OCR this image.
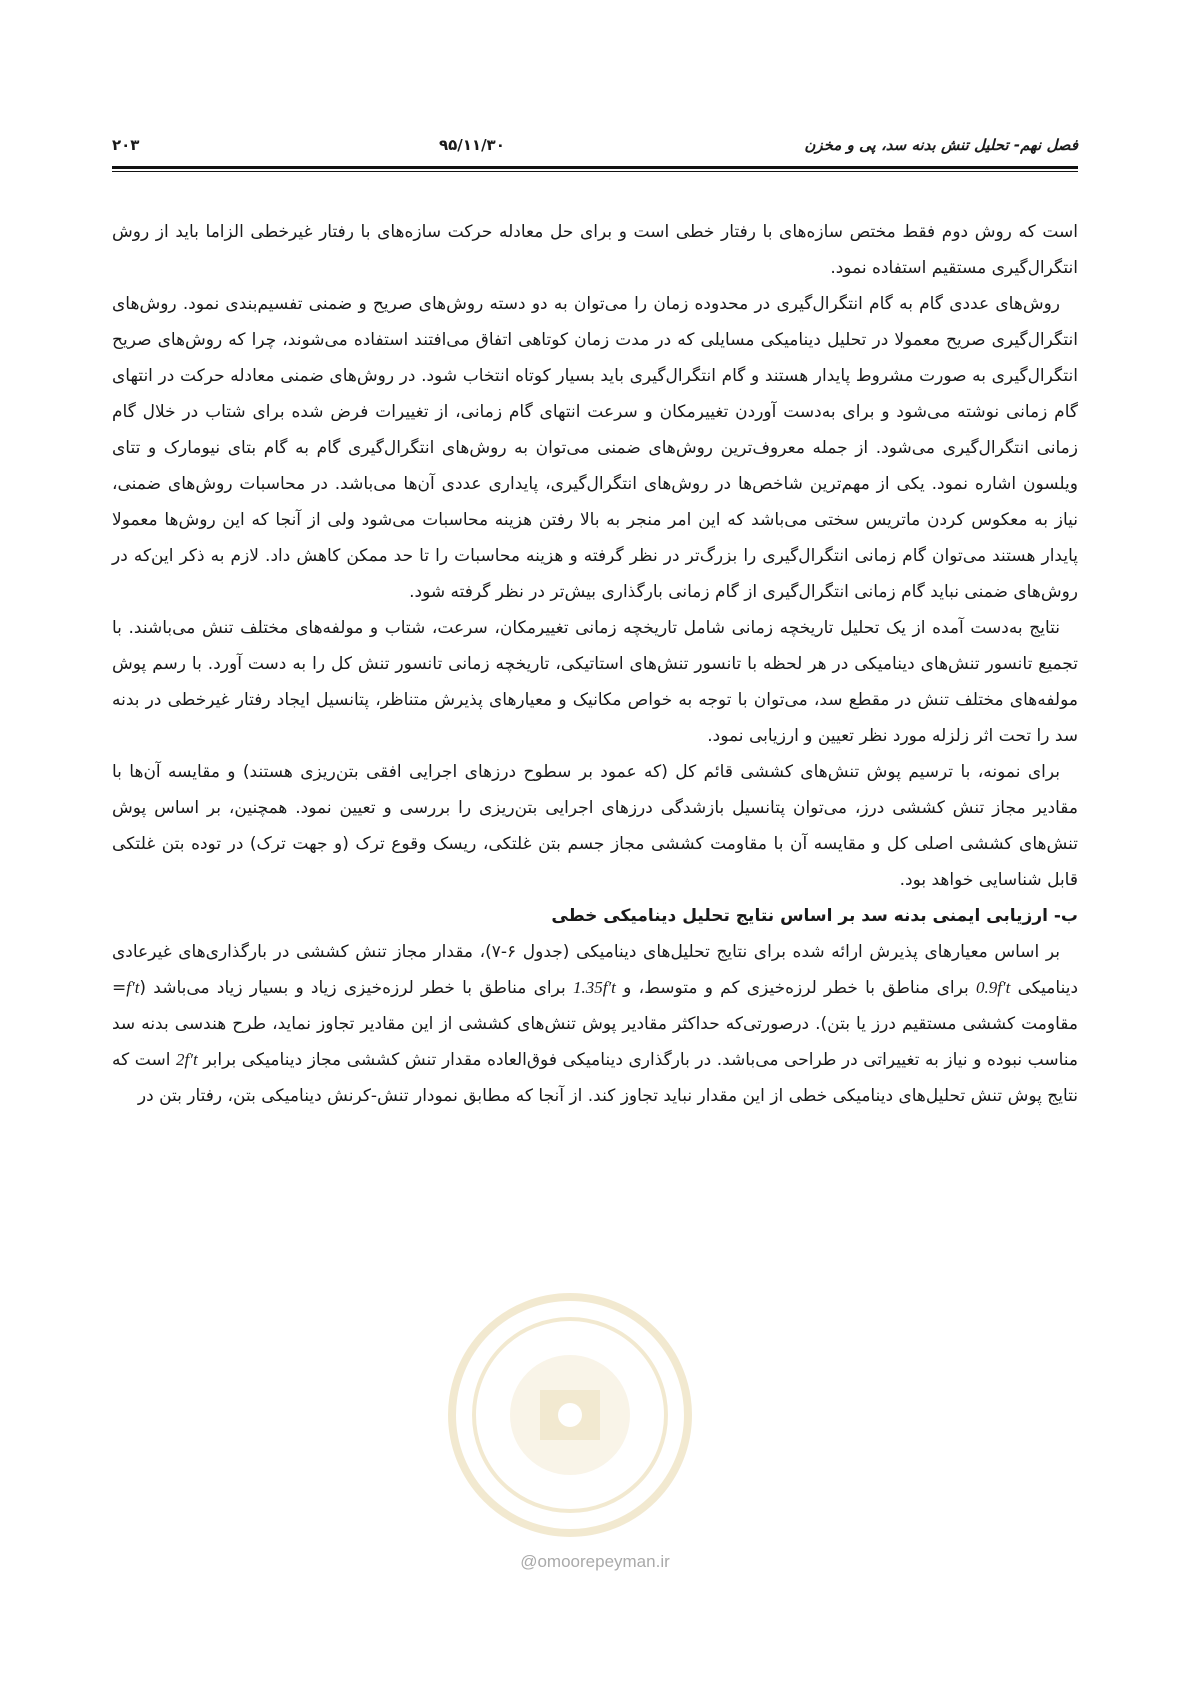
فصل نهم- تحلیل تنش بدنه سد، پی و مخزن
۹۵/۱۱/۳۰
۲۰۳

است که روش دوم فقط مختص سازه‌های با رفتار خطی است و برای حل معادله حرکت سازه‌های با رفتار غیرخطی الزاما باید از روش انتگرال‌گیری مستقیم استفاده نمود.

روش‌های عددی گام به گام انتگرال‌گیری در محدوده زمان را می‌توان به دو دسته روش‌های صریح و ضمنی تفسیم‌بندی نمود. روش‌های انتگرال‌گیری صریح معمولا در تحلیل دینامیکی مسایلی که در مدت زمان کوتاهی اتفاق می‌افتند استفاده می‌شوند، چرا که روش‌های صریح انتگرال‌گیری به صورت مشروط پایدار هستند و گام انتگرال‌گیری باید بسیار کوتاه انتخاب شود. در روش‌های ضمنی معادله حرکت در انتهای گام زمانی نوشته می‌شود و برای به‌دست آوردن تغییرمکان و سرعت انتهای گام زمانی، از تغییرات فرض شده برای شتاب در خلال گام زمانی انتگرال‌گیری می‌شود. از جمله معروف‌ترین روش‌های ضمنی می‌توان به روش‌های انتگرال‌گیری گام به گام بتای نیومارک و تتای ویلسون اشاره نمود. یکی از مهم‌ترین شاخص‌ها در روش‌های انتگرال‌گیری، پایداری عددی آن‌ها می‌باشد. در محاسبات روش‌های ضمنی، نیاز به معکوس کردن ماتریس سختی می‌باشد که این امر منجر به بالا رفتن هزینه محاسبات می‌شود ولی از آنجا که این روش‌ها معمولا پایدار هستند می‌توان گام زمانی انتگرال‌گیری را بزرگ‌تر در نظر گرفته و هزینه محاسبات را تا حد ممکن کاهش داد. لازم به ذکر این‌که در روش‌های ضمنی نباید گام زمانی انتگرال‌گیری از گام زمانی بارگذاری بیش‌تر در نظر گرفته شود.

نتایج به‌دست آمده از یک تحلیل تاریخچه زمانی شامل تاریخچه زمانی تغییرمکان، سرعت، شتاب و مولفه‌های مختلف تنش می‌باشند. با تجمیع تانسور تنش‌های دینامیکی در هر لحظه با تانسور تنش‌های استاتیکی، تاریخچه زمانی تانسور تنش کل را به دست آورد. با رسم پوش مولفه‌های مختلف تنش در مقطع سد، می‌توان با توجه به خواص مکانیک و معیارهای پذیرش متناظر، پتانسیل ایجاد رفتار غیرخطی در بدنه سد را تحت اثر زلزله مورد نظر تعیین و ارزیابی نمود.

برای نمونه، با ترسیم پوش تنش‌های کششی قائم کل (که عمود بر سطوح درزهای اجرایی افقی بتن‌ریزی هستند) و مقایسه آن‌ها با مقادیر مجاز تنش کششی درز، می‌توان پتانسیل بازشدگی درزهای اجرایی بتن‌ریزی را بررسی و تعیین نمود. همچنین، بر اساس پوش تنش‌های کششی اصلی کل و مقایسه آن با مقاومت کششی مجاز جسم بتن غلتکی، ریسک وقوع ترک (و جهت ترک) در توده بتن غلتکی قابل شناسایی خواهد بود.

ب- ارزیابی ایمنی بدنه سد بر اساس نتایج تحلیل دینامیکی خطی

بر اساس معیارهای پذیرش ارائه شده برای نتایج تحلیل‌های دینامیکی (جدول ۶-۷)، مقدار مجاز تنش کششی در بارگذاری‌های غیرعادی دینامیکی 0.9f′t برای مناطق با خطر لرزه‌خیزی کم و متوسط، و 1.35f′t برای مناطق با خطر لرزه‌خیزی زیاد و بسیار زیاد می‌باشد (f′t= مقاومت کششی مستقیم درز یا بتن). درصورتی‌که حداکثر مقادیر پوش تنش‌های کششی از این مقادیر تجاوز نماید، طرح هندسی بدنه سد مناسب نبوده و نیاز به تغییراتی در طراحی می‌باشد. در بارگذاری دینامیکی فوق‌العاده مقدار تنش کششی مجاز دینامیکی برابر 2f′t است که نتایج پوش تنش تحلیل‌های دینامیکی خطی از این مقدار نباید تجاوز کند. از آنجا که مطابق نمودار تنش-کرنش دینامیکی بتن، رفتار بتن در

@omoorepeyman.ir
